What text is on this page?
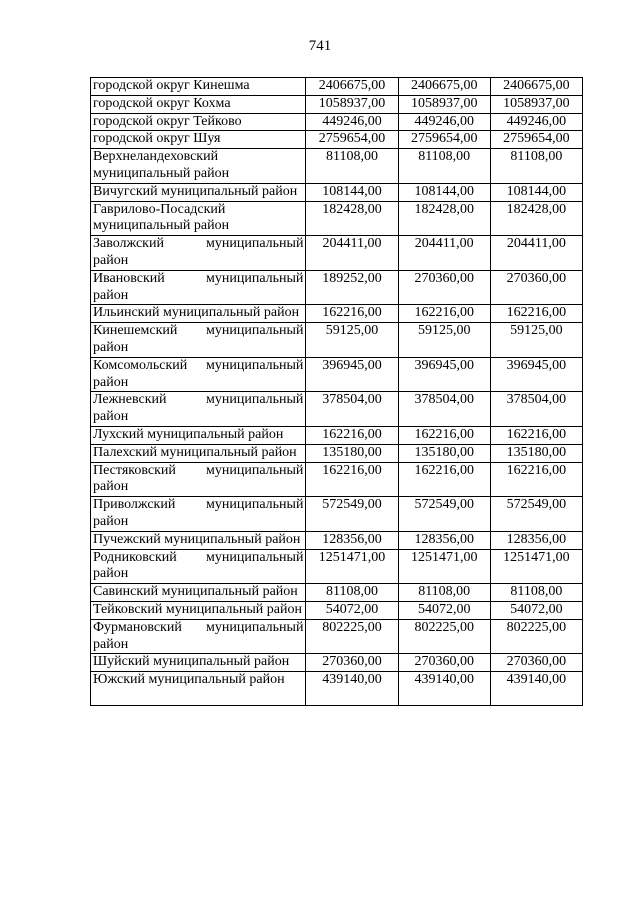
741
городской округ Кинешма	2406675,00	2406675,00	2406675,00
городской округ Кохма	1058937,00	1058937,00	1058937,00
городской округ Тейково	449246,00	449246,00	449246,00
городской округ Шуя	2759654,00	2759654,00	2759654,00
Верхнеландеховский муниципальный район	81108,00	81108,00	81108,00
Вичугский муниципальный район	108144,00	108144,00	108144,00
Гаврилово-Посадский муниципальный район	182428,00	182428,00	182428,00
Заволжский муниципальный район	204411,00	204411,00	204411,00
Ивановский муниципальный район	189252,00	270360,00	270360,00
Ильинский муниципальный район	162216,00	162216,00	162216,00
Кинешемский муниципальный район	59125,00	59125,00	59125,00
Комсомольский муниципальный район	396945,00	396945,00	396945,00
Лежневский муниципальный район	378504,00	378504,00	378504,00
Лухский муниципальный район	162216,00	162216,00	162216,00
Палехский муниципальный район	135180,00	135180,00	135180,00
Пестяковский муниципальный район	162216,00	162216,00	162216,00
Приволжский муниципальный район	572549,00	572549,00	572549,00
Пучежский муниципальный район	128356,00	128356,00	128356,00
Родниковский муниципальный район	1251471,00	1251471,00	1251471,00
Савинский муниципальный район	81108,00	81108,00	81108,00
Тейковский муниципальный район	54072,00	54072,00	54072,00
Фурмановский муниципальный район	802225,00	802225,00	802225,00
Шуйский муниципальный район	270360,00	270360,00	270360,00
Южский муниципальный район	439140,00	439140,00	439140,00
